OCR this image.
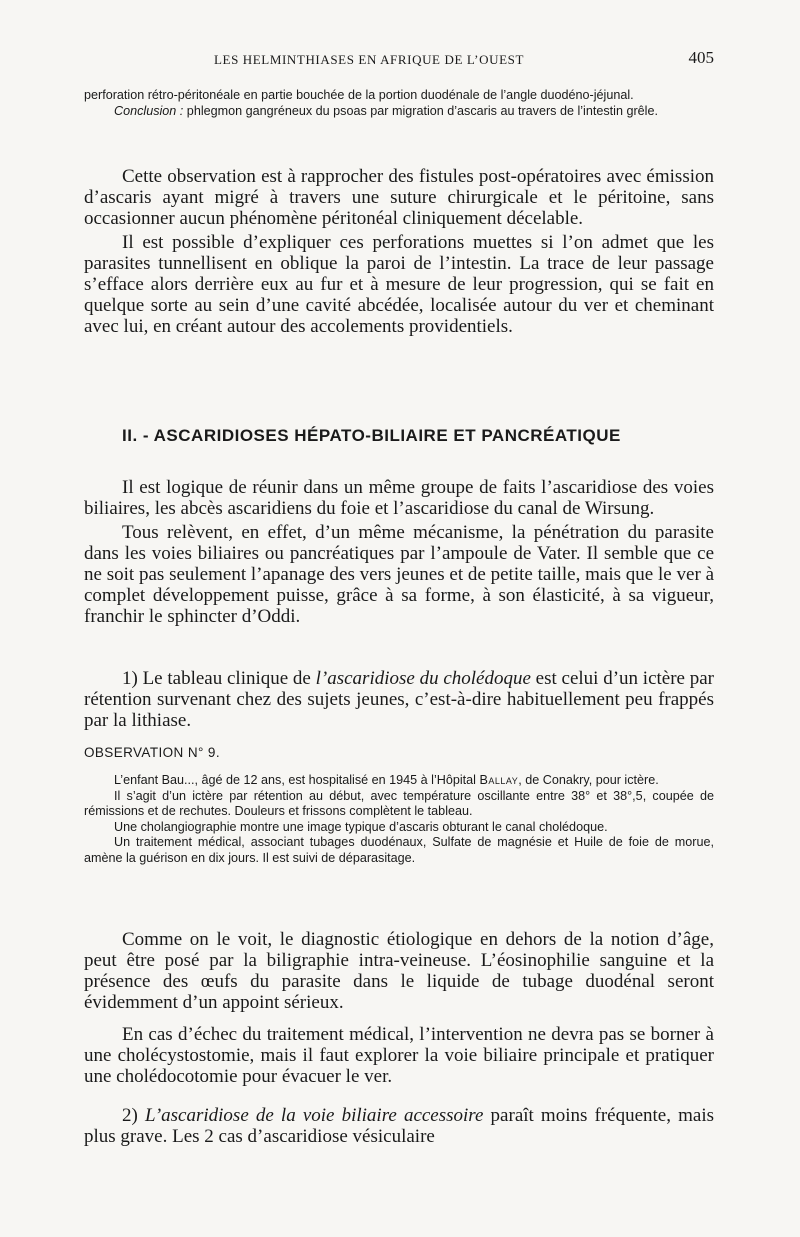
LES HELMINTHIASES EN AFRIQUE DE L’OUEST	405

perforation rétro-péritonéale en partie bouchée de la portion duodénale de l’angle duodéno-jéjunal.

Conclusion : phlegmon gangréneux du psoas par migration d’ascaris au travers de l’intestin grêle.

Cette observation est à rapprocher des fistules post-opératoires avec émission d’ascaris ayant migré à travers une suture chirurgicale et le péritoine, sans occasionner aucun phénomène péritonéal cliniquement décelable.

Il est possible d’expliquer ces perforations muettes si l’on admet que les parasites tunnellisent en oblique la paroi de l’intestin. La trace de leur passage s’efface alors derrière eux au fur et à mesure de leur progression, qui se fait en quelque sorte au sein d’une cavité abcédée, localisée autour du ver et cheminant avec lui, en créant autour des accolements providentiels.

II. - ASCARIDIOSES HÉPATO-BILIAIRE ET PANCRÉATIQUE

Il est logique de réunir dans un même groupe de faits l’ascaridiose des voies biliaires, les abcès ascaridiens du foie et l’ascaridiose du canal de Wirsung.

Tous relèvent, en effet, d’un même mécanisme, la pénétration du parasite dans les voies biliaires ou pancréatiques par l’ampoule de Vater. Il semble que ce ne soit pas seulement l’apanage des vers jeunes et de petite taille, mais que le ver à complet développement puisse, grâce à sa forme, à son élasticité, à sa vigueur, franchir le sphincter d’Oddi.

1) Le tableau clinique de l’ascaridiose du cholédoque est celui d’un ictère par rétention survenant chez des sujets jeunes, c’est-à-dire habituellement peu frappés par la lithiase.

OBSERVATION N° 9.

L’enfant Bau..., âgé de 12 ans, est hospitalisé en 1945 à l’Hôpital Ballay, de Conakry, pour ictère.

Il s’agit d’un ictère par rétention au début, avec température oscillante entre 38° et 38°,5, coupée de rémissions et de rechutes. Douleurs et frissons complètent le tableau.

Une cholangiographie montre une image typique d’ascaris obturant le canal cholédoque.

Un traitement médical, associant tubages duodénaux, Sulfate de magnésie et Huile de foie de morue, amène la guérison en dix jours. Il est suivi de déparasitage.

Comme on le voit, le diagnostic étiologique en dehors de la notion d’âge, peut être posé par la biligraphie intra-veineuse. L’éosinophilie sanguine et la présence des œufs du parasite dans le liquide de tubage duodénal seront évidemment d’un appoint sérieux.

En cas d’échec du traitement médical, l’intervention ne devra pas se borner à une cholécystostomie, mais il faut explorer la voie biliaire principale et pratiquer une cholédocotomie pour évacuer le ver.

2) L’ascaridiose de la voie biliaire accessoire paraît moins fréquente, mais plus grave. Les 2 cas d’ascaridiose vésiculaire
